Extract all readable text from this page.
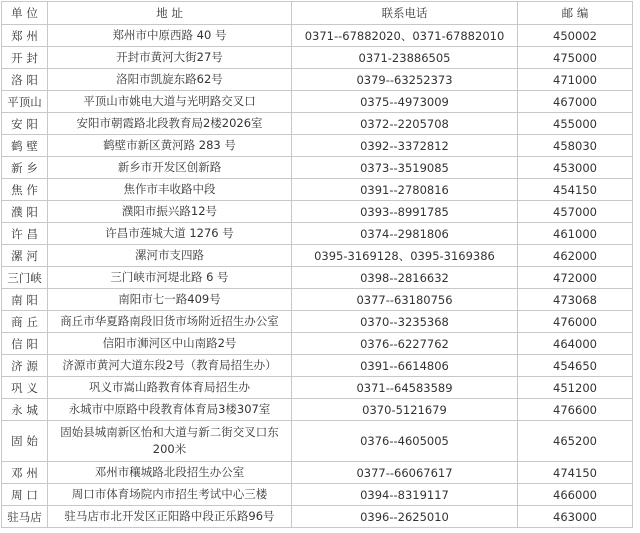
单 位	地 址	联系电话	邮 编
郑 州	郑州市中原西路 40 号	0371--67882020、0371-67882010	450002
开 封	开封市黄河大街27号	0371-23886505	475000
洛 阳	洛阳市凯旋东路62号	0379--63252373	471000
平顶山	平顶山市姚电大道与光明路交叉口	0375--4973009	467000
安 阳	安阳市朝霞路北段教育局2楼2026室	0372--2205708	455000
鹤 壁	鹤壁市新区黄河路 283 号	0392--3372812	458030
新 乡	新乡市开发区创新路	0373--3519085	453000
焦 作	焦作市丰收路中段	0391--2780816	454150
濮 阳	濮阳市振兴路12号	0393--8991785	457000
许 昌	许昌市莲城大道 1276 号	0374--2981806	461000
漯 河	漯河市支四路	0395-3169128、0395-3169386	462000
三门峡	三门峡市河堤北路 6 号	0398--2816632	472000
南 阳	南阳市七一路409号	0377--63180756	473068
商 丘	商丘市华夏路南段旧货市场附近招生办公室	0370--3235368	476000
信 阳	信阳市浉河区中山南路2号	0376--6227762	464000
济 源	济源市黄河大道东段2号（教育局招生办）	0391--6614806	454650
巩 义	巩义市嵩山路教育体育局招生办	0371--64583589	451200
永 城	永城市中原路中段教育体育局3楼307室	0370-5121679	476600
固 始	固始县城南新区怡和大道与新二街交叉口东200米	0376--4605005	465200
邓 州	邓州市穰城路北段招生办公室	0377--66067617	474150
周 口	周口市体育场院内市招生考试中心三楼	0394--8319117	466000
驻马店	驻马店市北开发区正阳路中段正乐路96号	0396--2625010	463000
